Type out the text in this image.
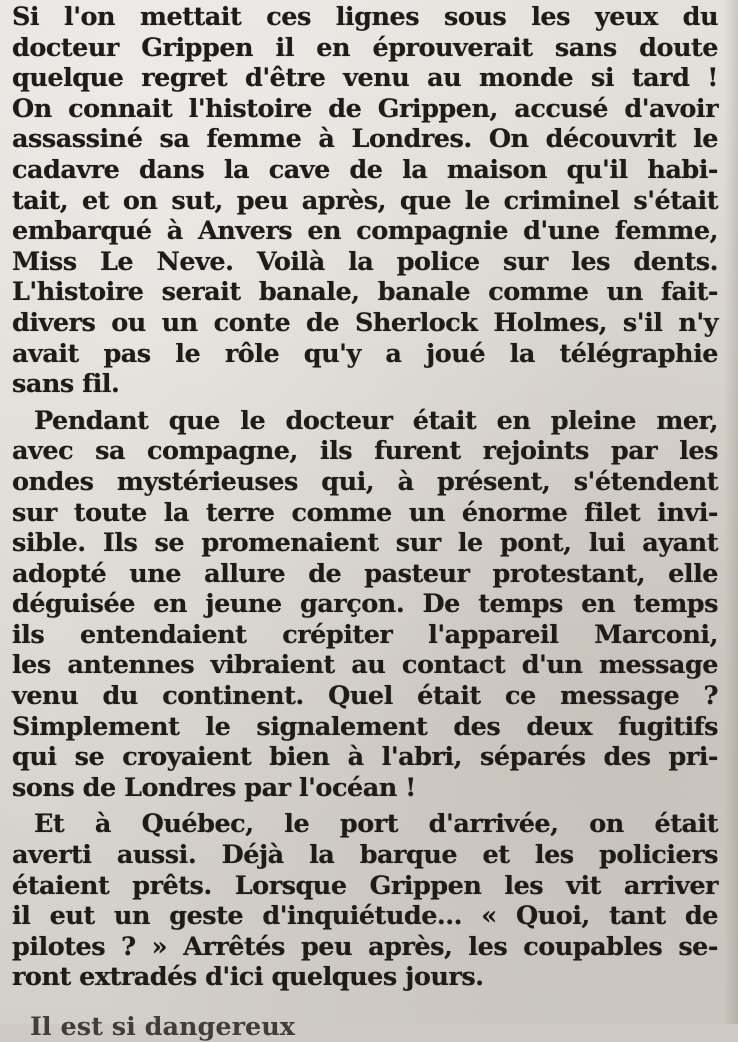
Si l'on mettait ces lignes sous les yeux du
docteur Grippen il en éprouverait sans doute
quelque regret d'être venu au monde si tard !
On connait l'histoire de Grippen, accusé d'avoir
assassiné sa femme à Londres. On découvrit le
cadavre dans la cave de la maison qu'il habi-
tait, et on sut, peu après, que le criminel s'était
embarqué à Anvers en compagnie d'une femme,
Miss Le Neve. Voilà la police sur les dents.
L'histoire serait banale, banale comme un fait-
divers ou un conte de Sherlock Holmes, s'il n'y
avait pas le rôle qu'y a joué la télégraphie
sans fil.
Pendant que le docteur était en pleine mer,
avec sa compagne, ils furent rejoints par les
ondes mystérieuses qui, à présent, s'étendent
sur toute la terre comme un énorme filet invi-
sible. Ils se promenaient sur le pont, lui ayant
adopté une allure de pasteur protestant, elle
déguisée en jeune garçon. De temps en temps
ils entendaient crépiter l'appareil Marconi,
les antennes vibraient au contact d'un message
venu du continent. Quel était ce message ?
Simplement le signalement des deux fugitifs
qui se croyaient bien à l'abri, séparés des pri-
sons de Londres par l'océan !
Et à Québec, le port d'arrivée, on était
averti aussi. Déjà la barque et les policiers
étaient prêts. Lorsque Grippen les vit arriver
il eut un geste d'inquiétude... « Quoi, tant de
pilotes ? » Arrêtés peu après, les coupables se-
ront extradés d'ici quelques jours.
Il est si dangereux
